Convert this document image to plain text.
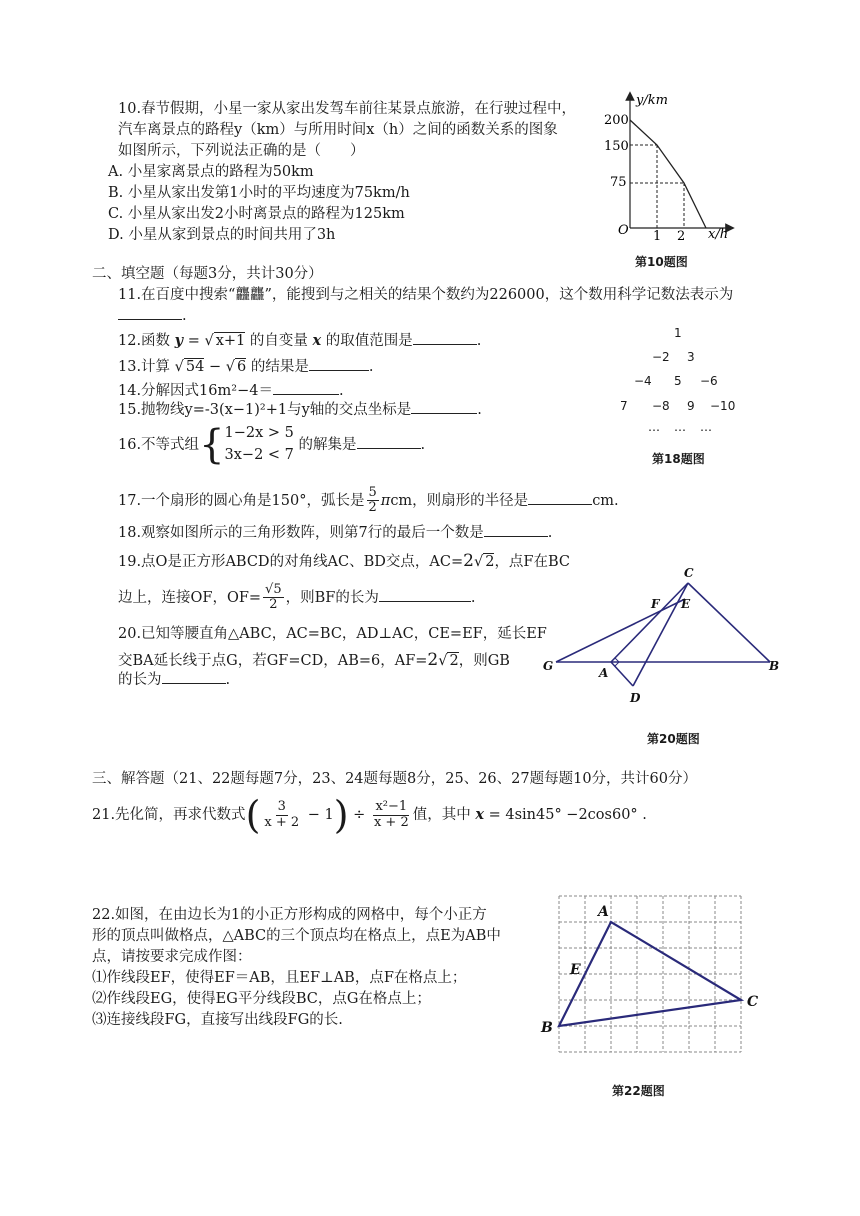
10.春节假期，小星一家从家出发驾车前往某景点旅游，在行驶过程中，
汽车离景点的路程y（km）与所用时间x（h）之间的函数关系的图象
如图所示，下列说法正确的是（　　）
A. 小星家离景点的路程为50km
B. 小星从家出发第1小时的平均速度为75km/h
C. 小星从家出发2小时离景点的路程为125km
D. 小星从家到景点的时间共用了3h
y/km
x/h
O
200
150
75
1 2
第10题图
二、填空题（每题3分，共计30分）
11.在百度中搜索“龘龘”，能搜到与之相关的结果个数约为226000，这个数用科学记数法表示为
.
12.函数 y = √ x+1 的自变量 x 的取值范围是	.
13.计算 √ 54 − √ 6 的结果是	.
14.分解因式16m²−4＝	.
15.抛物线y=-3(x−1)²+1与y轴的交点坐标是	.
16.不等式组{ 1−2x > 5
3x−2 < 7
的解集是	.
1
−2 3
−4 5 −6
7 −8 9 −10
… … …
第18题图
17.一个扇形的圆心角是150°，弧长是 $\frac{5}{2}$ πcm，则扇形的半径是	cm.
18.观察如图所示的三角形数阵，则第7行的最后一个数是	.
19.点O是正方形ABCD的对角线AC、BD交点，AC=2√ 2，点F在BC
边上，连接OF，$OF= \frac{√5}{2}$ ，则BF的长为	.
20.已知等腰直角△ABC，AC=BC，AD⊥AC，CE=EF，延长EF
交BA延长线于点G，若GF=CD，AB=6，AF=2√ 2，则GB
的长为	.
C
F E
G	A	B
D
第20题图
三、解答题（21、22题每题7分，23、24题每题8分，25、26、27题每题10分，共计60分）
21.先化简，再求代数式( $\frac{3}{x + 2} - 1) \div \frac{\text{x²−1}}{x + 2}$ 值，其中 x = 4sin45° −2cos60° .
22.如图，在由边长为1的小正方形构成的网格中，每个小正方
形的顶点叫做格点，△ABC的三个顶点均在格点上，点E为AB中
点，请按要求完成作图：
⑴作线段EF，使得EF＝AB，且EF⊥AB，点F在格点上；
⑵作线段EG，使得EG平分线段BC，点G在格点上；
⑶连接线段FG，直接写出线段FG的长.
A
E
B
C
第22题图
